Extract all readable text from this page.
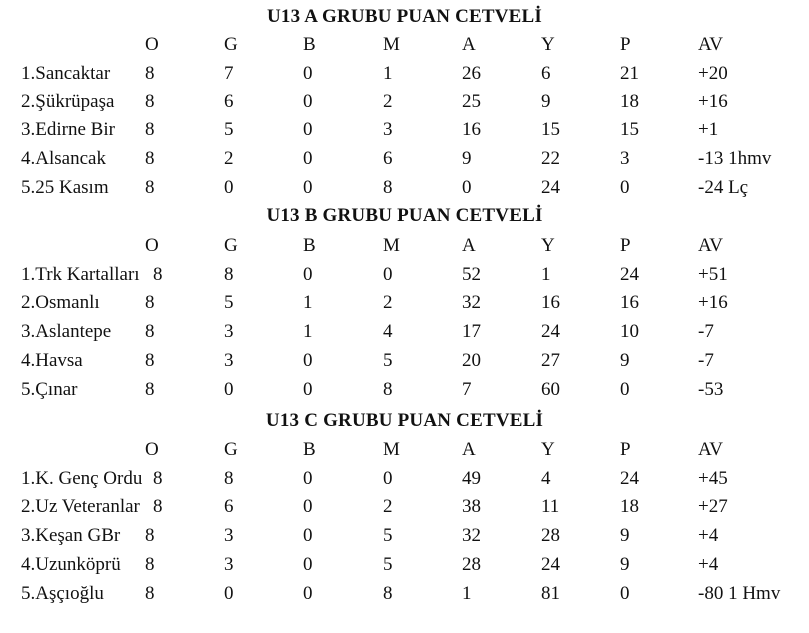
U13 A GRUBU PUAN CETVELİ
O	G	B	M	A	Y	P	AV
1.Sancaktar 8	7	0	1	26	6	21	+20
2.Şükrüpaşa 8	6	0	2	25	9	18	+16
3.Edirne Bir 8	5	0	3	16	15	15	+1
4.Alsancak 8	2	0	6	9	22	3	-13 1hmv
5.25 Kasım 8	0	0	8	0	24	0	-24 Lç
U13 B GRUBU PUAN CETVELİ
O	G	B	M	A	Y	P	AV
1.Trk Kartalları 8	8	0	0	52	1	24	+51
2.Osmanlı 8	5	1	2	32	16	16	+16
3.Aslantepe 8	3	1	4	17	24	10	-7
4.Havsa	8	3	0	5	20	27	9	-7
5.Çınar	8	0	0	8	7	60	0	-53
U13 C GRUBU PUAN CETVELİ
O	G	B	M	A	Y	P	AV
1.K. Genç Ordu 8	8	0	0	49	4	24	+45
2.Uz Veteranlar 8	6	0	2	38	11	18	+27
3.Keşan GBr 8	3	0	5	32	28	9	+4
4.Uzunköprü 8	3	0	5	28	24	9	+4
5.Aşçıoğlu 8	0	0	8	1	81	0	-80 1 Hmv
